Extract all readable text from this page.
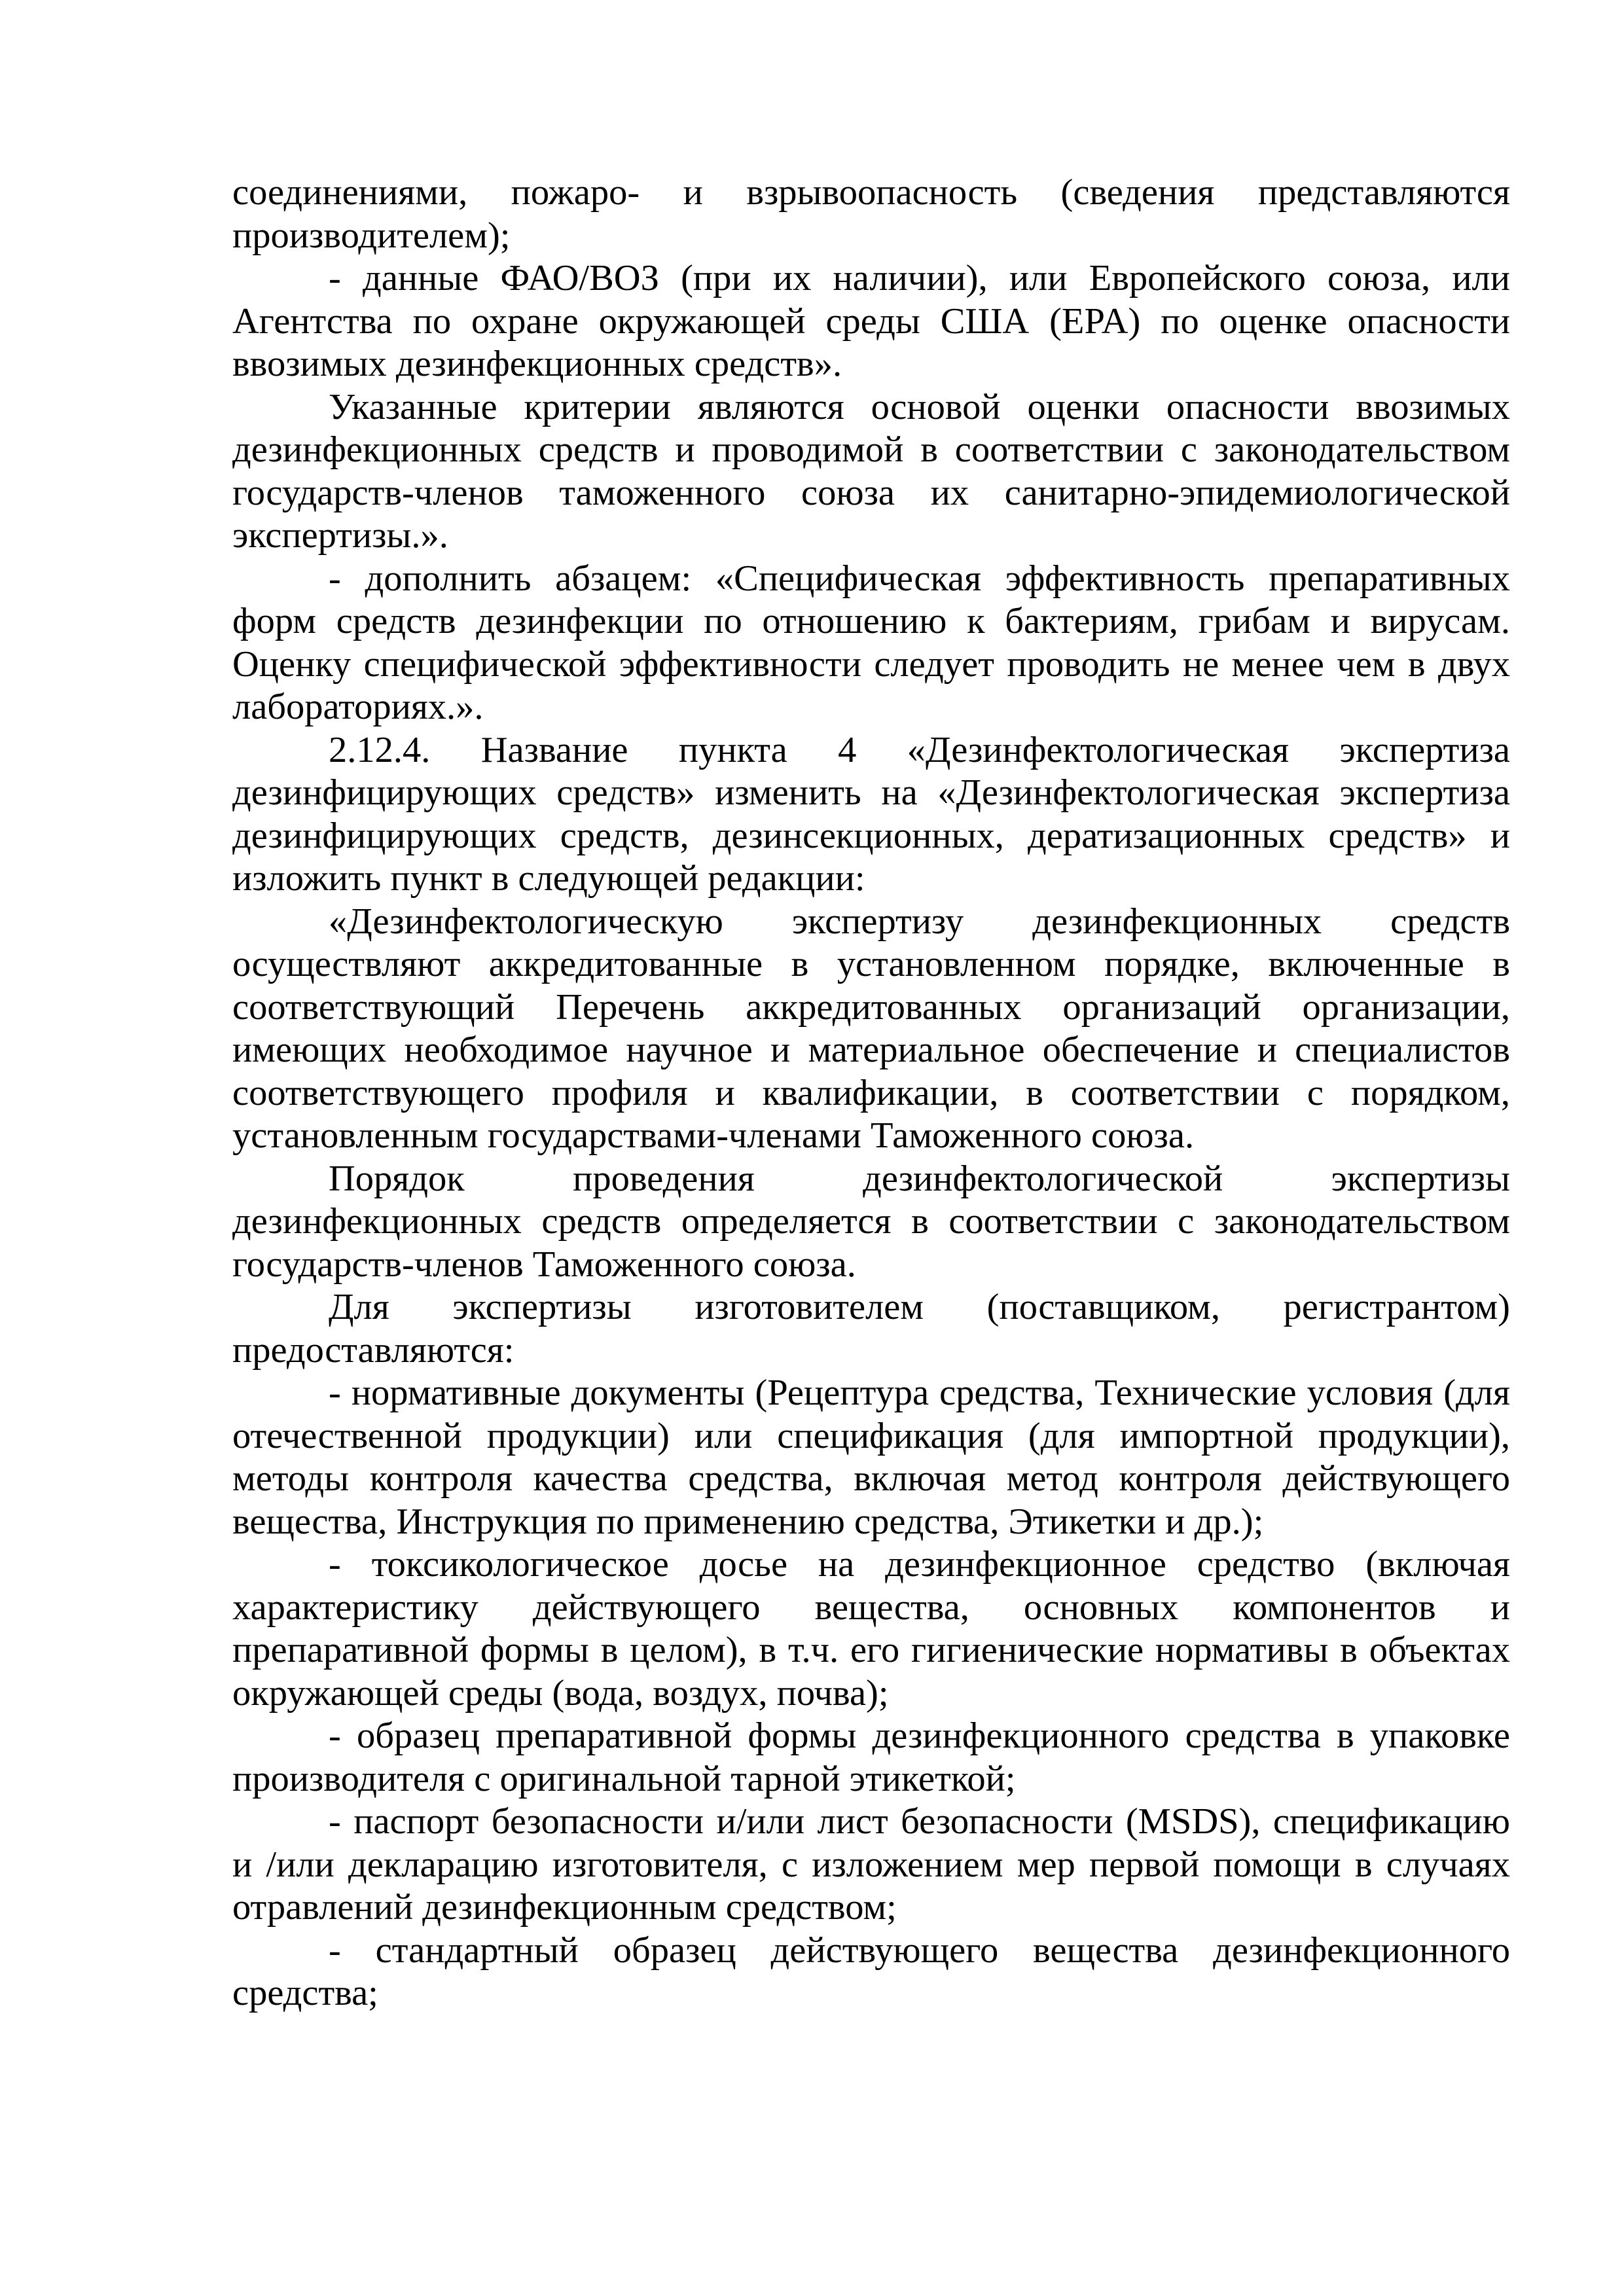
соединениями, пожаро- и взрывоопасность (сведения представляются производителем);

- данные ФАО/ВОЗ (при их наличии), или Европейского союза, или Агентства по охране окружающей среды США (EPA) по оценке опасности ввозимых дезинфекционных средств».

Указанные критерии являются основой оценки опасности ввозимых дезинфекционных средств и проводимой в соответствии с законодательством государств-членов таможенного союза их санитарно-эпидемиологической экспертизы.».

- дополнить абзацем: «Специфическая эффективность препаративных форм средств дезинфекции по отношению к бактериям, грибам и вирусам. Оценку специфической эффективности следует проводить не менее чем в двух лабораториях.».

2.12.4. Название пункта 4 «Дезинфектологическая экспертиза дезинфицирующих средств» изменить на «Дезинфектологическая экспертиза дезинфицирующих средств, дезинсекционных, дератизационных средств» и изложить пункт в следующей редакции:

«Дезинфектологическую экспертизу дезинфекционных средств осуществляют аккредитованные в установленном порядке, включенные в соответствующий Перечень аккредитованных организаций организации, имеющих необходимое научное и материальное обеспечение и специалистов соответствующего профиля и квалификации, в соответствии с порядком, установленным государствами-членами Таможенного союза.

Порядок проведения дезинфектологической экспертизы дезинфекционных средств определяется в соответствии с законодательством государств-членов Таможенного союза.

Для экспертизы изготовителем (поставщиком, регистрантом) предоставляются:

- нормативные документы (Рецептура средства, Технические условия (для отечественной продукции) или спецификация (для импортной продукции), методы контроля качества средства, включая метод контроля действующего вещества, Инструкция по применению средства, Этикетки и др.);

- токсикологическое досье на дезинфекционное средство (включая характеристику действующего вещества, основных компонентов и препаративной формы в целом), в т.ч. его гигиенические нормативы в объектах окружающей среды (вода, воздух, почва);

- образец препаративной формы дезинфекционного средства в упаковке производителя с оригинальной тарной этикеткой;

- паспорт безопасности и/или лист безопасности (MSDS), спецификацию и /или декларацию изготовителя, с изложением мер первой помощи в случаях отравлений дезинфекционным средством;

- стандартный образец действующего вещества дезинфекционного средства;
